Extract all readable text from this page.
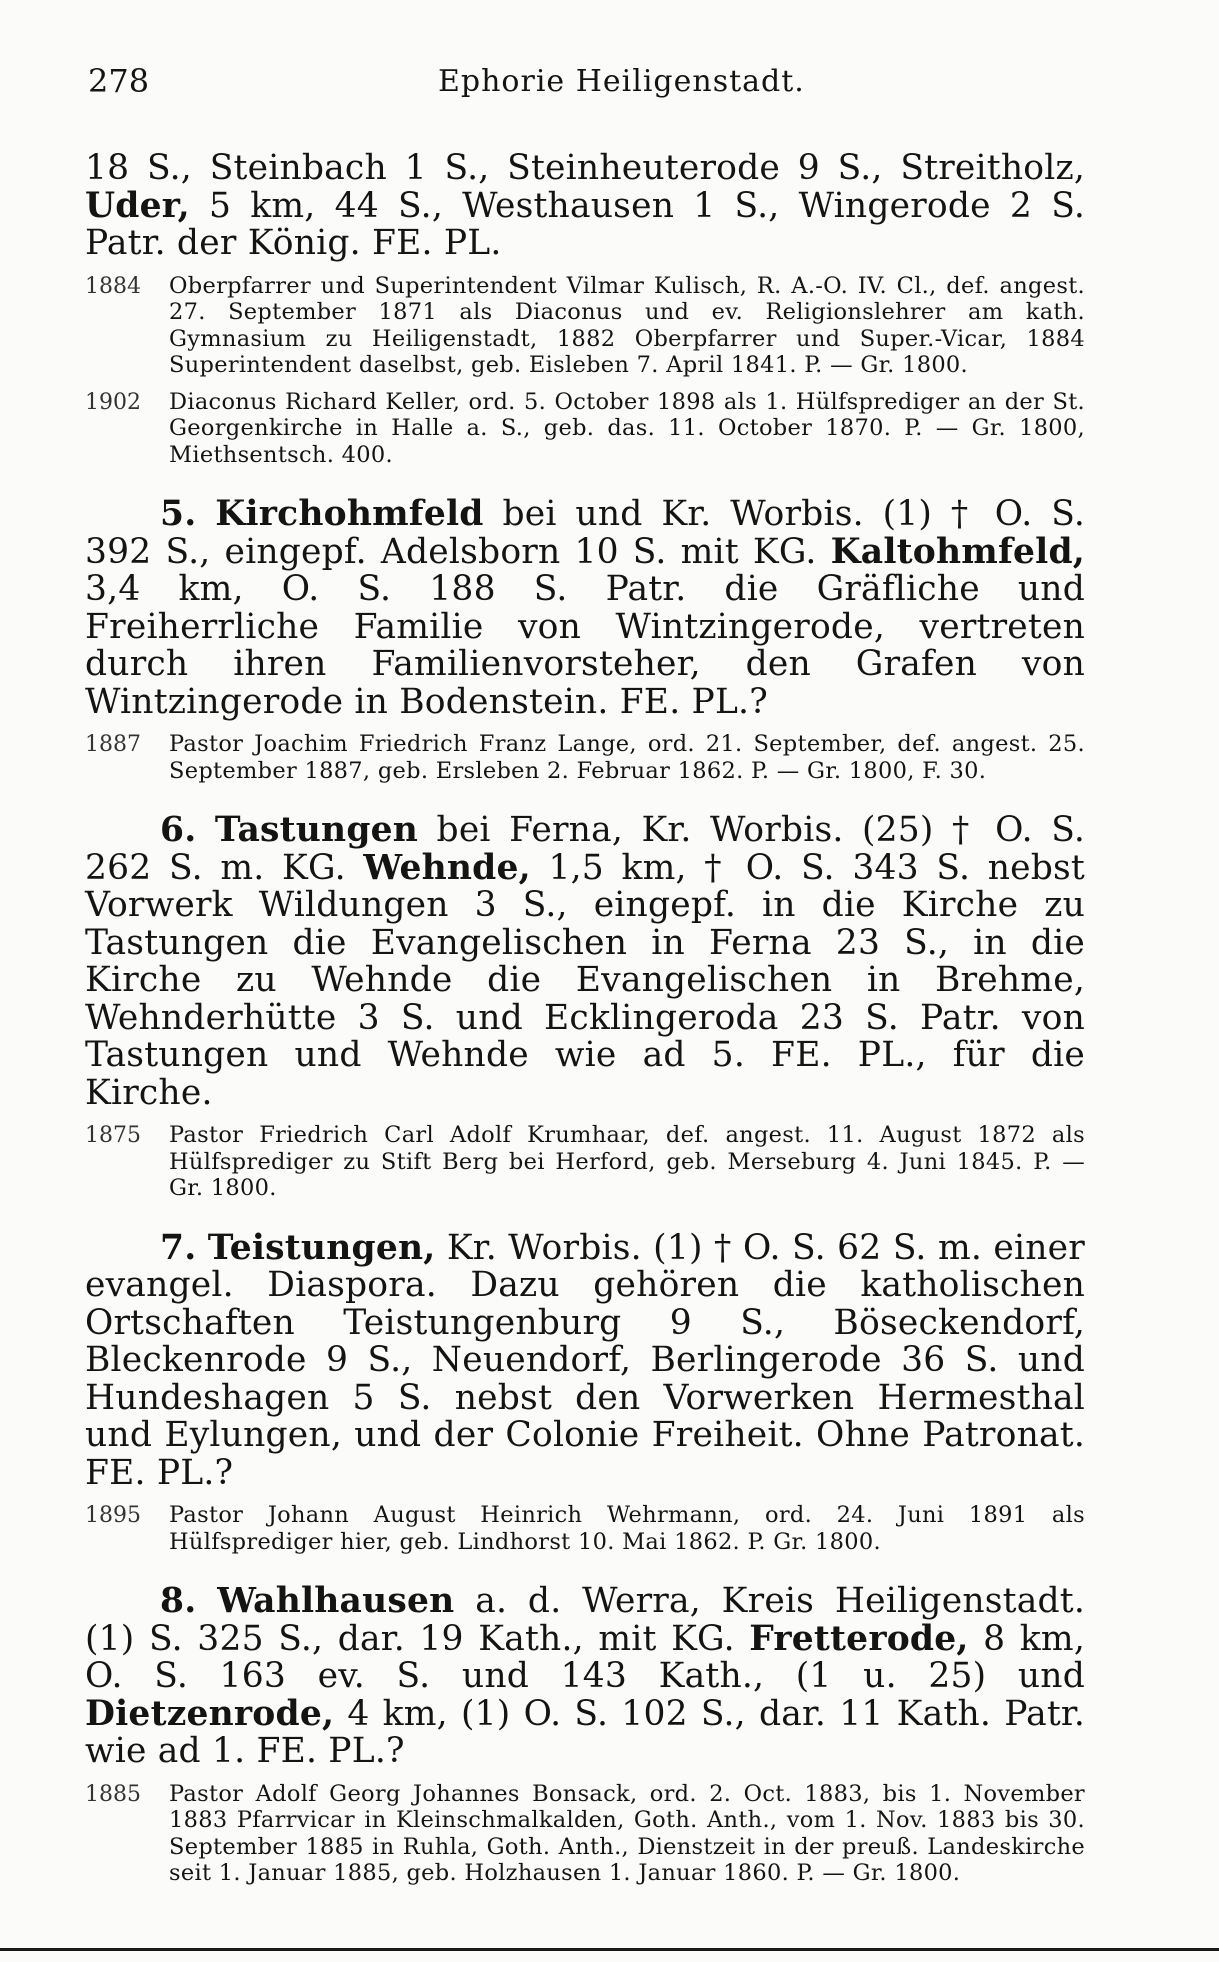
278	Ephorie Heiligenstadt.

18 S., Steinbach 1 S., Steinheuterode 9 S., Streitholz, Uder, 5 km, 44 S., Westhausen 1 S., Wingerode 2 S. Patr. der König. FE. PL.

1884 Oberpfarrer und Superintendent Vilmar Kulisch, R. A.-O. IV. Cl., def. angest. 27. September 1871 als Diaconus und ev. Religionslehrer am kath. Gymnasium zu Heiligenstadt, 1882 Oberpfarrer und Super.-Vicar, 1884 Superintendent daselbst, geb. Eisleben 7. April 1841. P. — Gr. 1800.

1902 Diaconus Richard Keller, ord. 5. October 1898 als 1. Hülfsprediger an der St. Georgenkirche in Halle a. S., geb. das. 11. October 1870. P. — Gr. 1800, Miethsentsch. 400.

5. Kirchohmfeld bei und Kr. Worbis. (1) † O. S. 392 S., eingepf. Adelsborn 10 S. mit KG. Kaltohmfeld, 3,4 km, O. S. 188 S. Patr. die Gräfliche und Freiherrliche Familie von Wintzingerode, vertreten durch ihren Familienvorsteher, den Grafen von Wintzingerode in Bodenstein. FE. PL.?

1887 Pastor Joachim Friedrich Franz Lange, ord. 21. September, def. angest. 25. September 1887, geb. Ersleben 2. Februar 1862. P. — Gr. 1800, F. 30.

6. Tastungen bei Ferna, Kr. Worbis. (25) † O. S. 262 S. m. KG. Wehnde, 1,5 km, † O. S. 343 S. nebst Vorwerk Wildungen 3 S., eingepf. in die Kirche zu Tastungen die Evangelischen in Ferna 23 S., in die Kirche zu Wehnde die Evangelischen in Brehme, Wehnderhütte 3 S. und Ecklingeroda 23 S. Patr. von Tastungen und Wehnde wie ad 5. FE. PL., für die Kirche.

1875 Pastor Friedrich Carl Adolf Krumhaar, def. angest. 11. August 1872 als Hülfsprediger zu Stift Berg bei Herford, geb. Merseburg 4. Juni 1845. P. — Gr. 1800.

7. Teistungen, Kr. Worbis. (1) † O. S. 62 S. m. einer evangel. Diaspora. Dazu gehören die katholischen Ortschaften Teistungenburg 9 S., Böseckendorf, Bleckenrode 9 S., Neuendorf, Berlingerode 36 S. und Hundeshagen 5 S. nebst den Vorwerken Hermesthal und Eylungen, und der Colonie Freiheit. Ohne Patronat. FE. PL.?

1895 Pastor Johann August Heinrich Wehrmann, ord. 24. Juni 1891 als Hülfsprediger hier, geb. Lindhorst 10. Mai 1862. P. Gr. 1800.

8. Wahlhausen a. d. Werra, Kreis Heiligenstadt. (1) S. 325 S., dar. 19 Kath., mit KG. Fretterode, 8 km, O. S. 163 ev. S. und 143 Kath., (1 u. 25) und Dietzenrode, 4 km, (1) O. S. 102 S., dar. 11 Kath. Patr. wie ad 1. FE. PL.?

1885 Pastor Adolf Georg Johannes Bonsack, ord. 2. Oct. 1883, bis 1. November 1883 Pfarrvicar in Kleinschmalkalden, Goth. Anth., vom 1. Nov. 1883 bis 30. September 1885 in Ruhla, Goth. Anth., Dienstzeit in der preuß. Landeskirche seit 1. Januar 1885, geb. Holzhausen 1. Januar 1860. P. — Gr. 1800.
